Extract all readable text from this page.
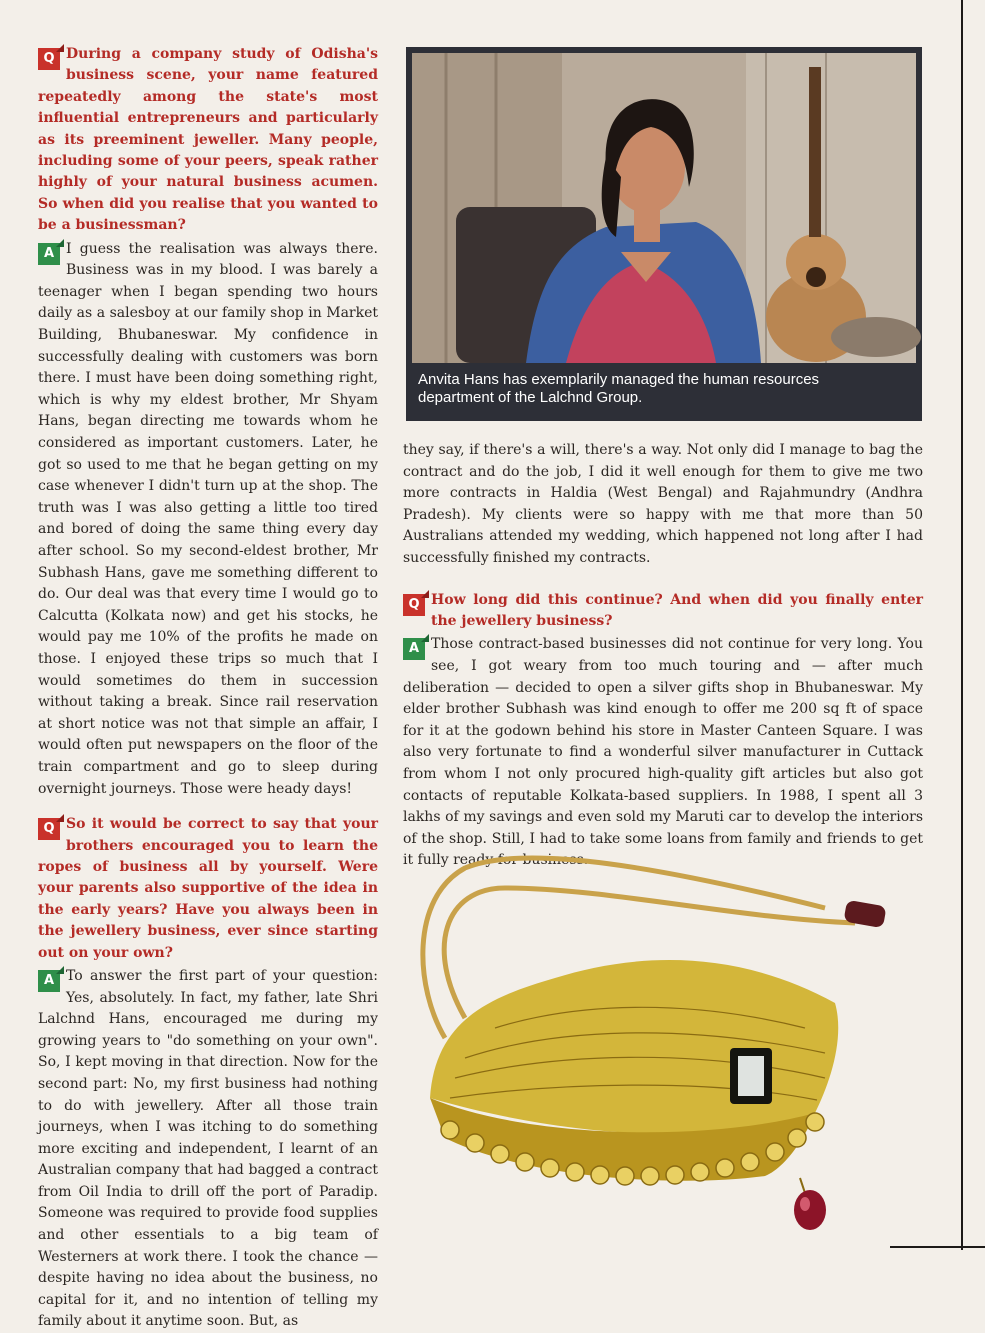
Q During a company study of Odisha's business scene, your name featured repeatedly among the state's most influential entrepreneurs and particularly as its preeminent jeweller. Many people, including some of your peers, speak rather highly of your natural business acumen. So when did you realise that you wanted to be a businessman?
A I guess the realisation was always there. Business was in my blood. I was barely a teenager when I began spending two hours daily as a salesboy at our family shop in Market Building, Bhubaneswar. My confidence in successfully dealing with customers was born there. I must have been doing something right, which is why my eldest brother, Mr Shyam Hans, began directing me towards whom he considered as important customers. Later, he got so used to me that he began getting on my case whenever I didn't turn up at the shop. The truth was I was also getting a little too tired and bored of doing the same thing every day after school. So my second-eldest brother, Mr Subhash Hans, gave me something different to do. Our deal was that every time I would go to Calcutta (Kolkata now) and get his stocks, he would pay me 10% of the profits he made on those. I enjoyed these trips so much that I would sometimes do them in succession without taking a break. Since rail reservation at short notice was not that simple an affair, I would often put newspapers on the floor of the train compartment and go to sleep during overnight journeys. Those were heady days!
Q So it would be correct to say that your brothers encouraged you to learn the ropes of business all by yourself. Were your parents also supportive of the idea in the early years? Have you always been in the jewellery business, ever since starting out on your own?
A To answer the first part of your question: Yes, absolutely. In fact, my father, late Shri Lalchnd Hans, encouraged me during my growing years to "do something on your own". So, I kept moving in that direction. Now for the second part: No, my first business had nothing to do with jewellery. After all those train journeys, when I was itching to do something more exciting and independent, I learnt of an Australian company that had bagged a contract from Oil India to drill off the port of Paradip. Someone was required to provide food supplies and other essentials to a big team of Westerners at work there. I took the chance — despite having no idea about the business, no capital for it, and no intention of telling my family about it anytime soon. But, as
Anvita Hans has exemplarily managed the human resources department of the Lalchnd Group.

they say, if there's a will, there's a way. Not only did I manage to bag the contract and do the job, I did it well enough for them to give me two more contracts in Haldia (West Bengal) and Rajahmundry (Andhra Pradesh). My clients were so happy with me that more than 50 Australians attended my wedding, which happened not long after I had successfully finished my contracts.

Q How long did this continue? And when did you finally enter the jewellery business?
A Those contract-based businesses did not continue for very long. You see, I got weary from too much touring and — after much deliberation — decided to open a silver gifts shop in Bhubaneswar. My elder brother Subhash was kind enough to offer me 200 sq ft of space for it at the godown behind his store in Master Canteen Square. I was also very fortunate to find a wonderful silver manufacturer in Cuttack from whom I not only procured high-quality gift articles but also got contacts of reputable Kolkata-based suppliers. In 1988, I spent all 3 lakhs of my savings and even sold my Maruti car to develop the interiors of the shop. Still, I had to take some loans from family and friends to get it fully ready for business.
